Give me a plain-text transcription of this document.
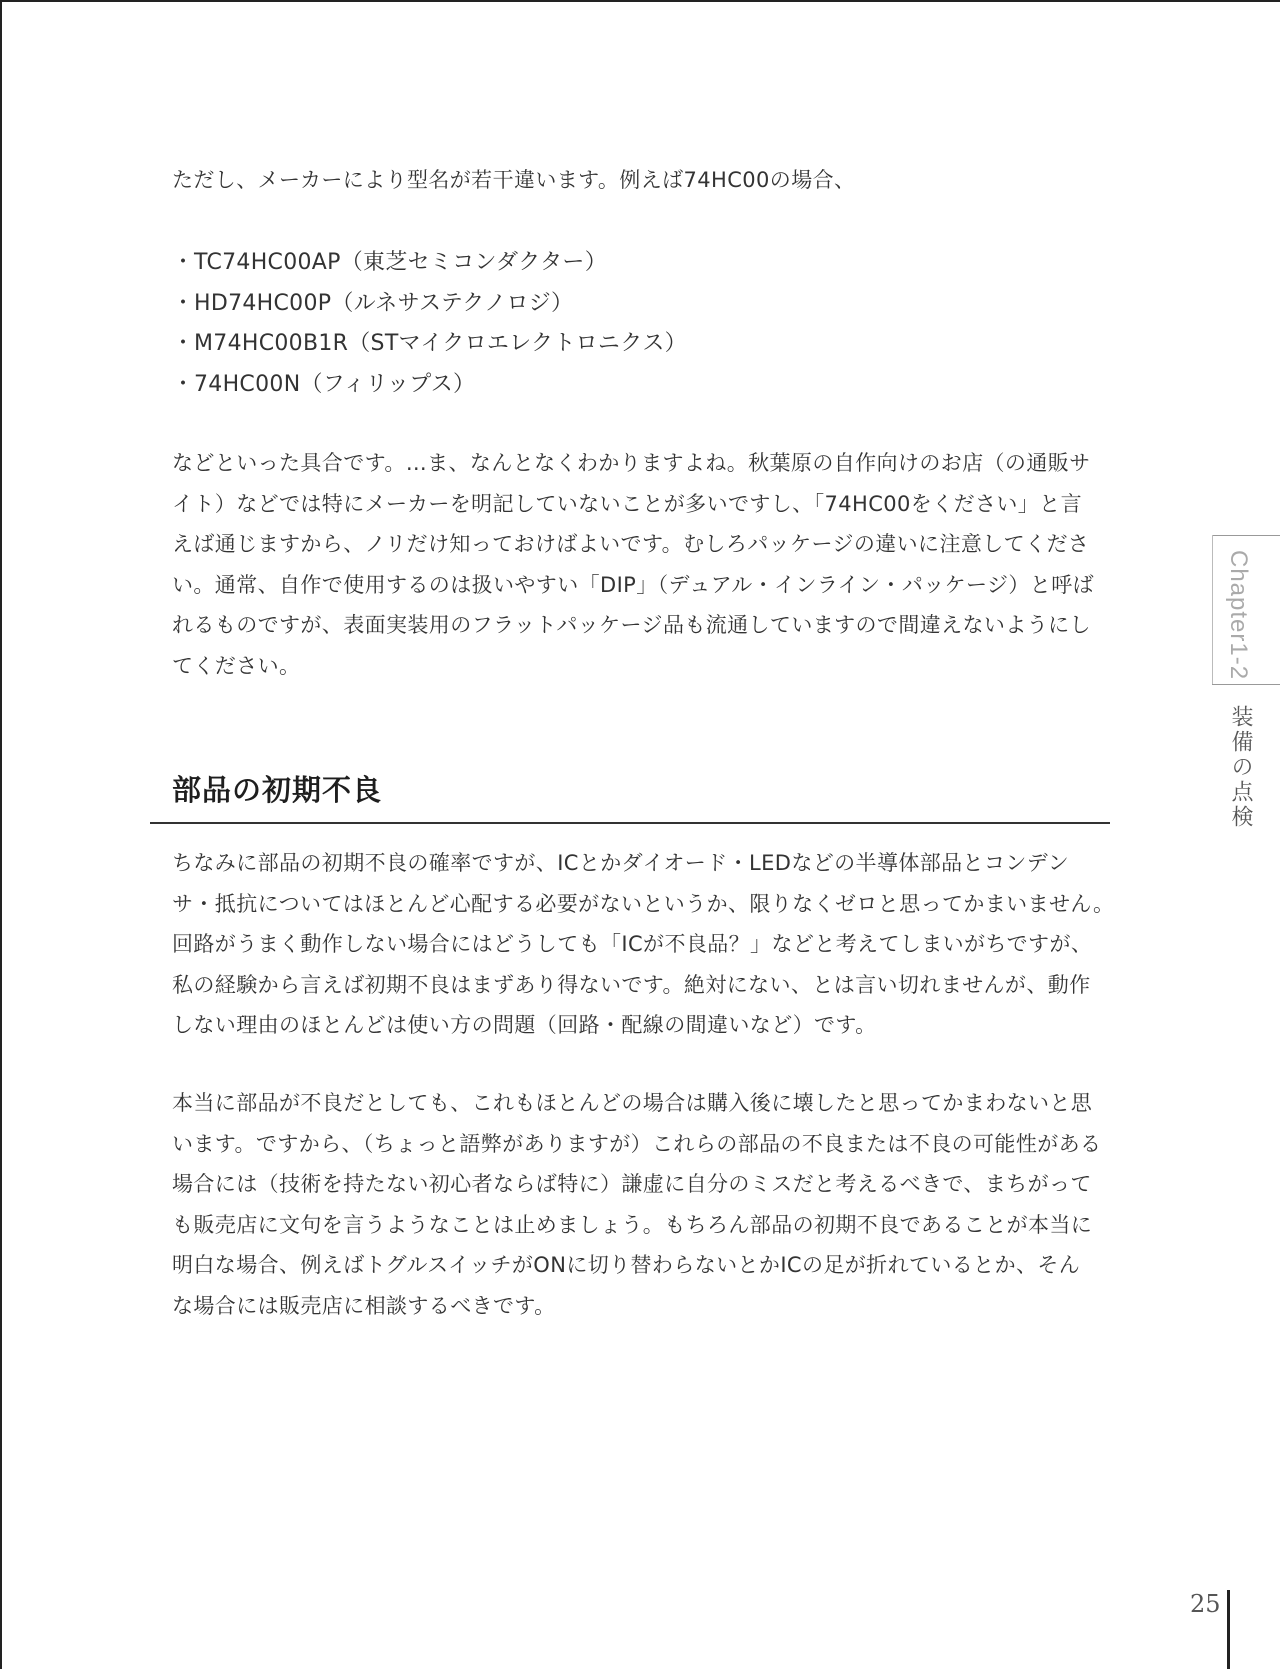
ただし、メーカーにより型名が若干違います。例えば74HC00の場合、

・TC74HC00AP（東芝セミコンダクター）
・HD74HC00P（ルネサステクノロジ）
・M74HC00B1R（STマイクロエレクトロニクス）
・74HC00N（フィリップス）

などといった具合です。…ま、なんとなくわかりますよね。秋葉原の自作向けのお店（の通販サ

イト）などでは特にメーカーを明記していないことが多いですし、「74HC00をください」と言

えば通じますから、ノリだけ知っておけばよいです。むしろパッケージの違いに注意してくださ

い。通常、自作で使用するのは扱いやすい「DIP」（デュアル・インライン・パッケージ）と呼ば

れるものですが、表面実装用のフラットパッケージ品も流通していますので間違えないようにし

てください。

部品の初期不良

ちなみに部品の初期不良の確率ですが、ICとかダイオード・LEDなどの半導体部品とコンデン

サ・抵抗についてはほとんど心配する必要がないというか、限りなくゼロと思ってかまいません。

回路がうまく動作しない場合にはどうしても「ICが不良品？」などと考えてしまいがちですが、

私の経験から言えば初期不良はまずあり得ないです。絶対にない、とは言い切れませんが、動作

しない理由のほとんどは使い方の問題（回路・配線の間違いなど）です。

本当に部品が不良だとしても、これもほとんどの場合は購入後に壊したと思ってかまわないと思

います。ですから、（ちょっと語弊がありますが）これらの部品の不良または不良の可能性がある

場合には（技術を持たない初心者ならば特に）謙虚に自分のミスだと考えるべきで、まちがって

も販売店に文句を言うようなことは止めましょう。もちろん部品の初期不良であることが本当に

明白な場合、例えばトグルスイッチがONに切り替わらないとかICの足が折れているとか、そん

な場合には販売店に相談するべきです。

Chapter1-2
装備の点検
25
